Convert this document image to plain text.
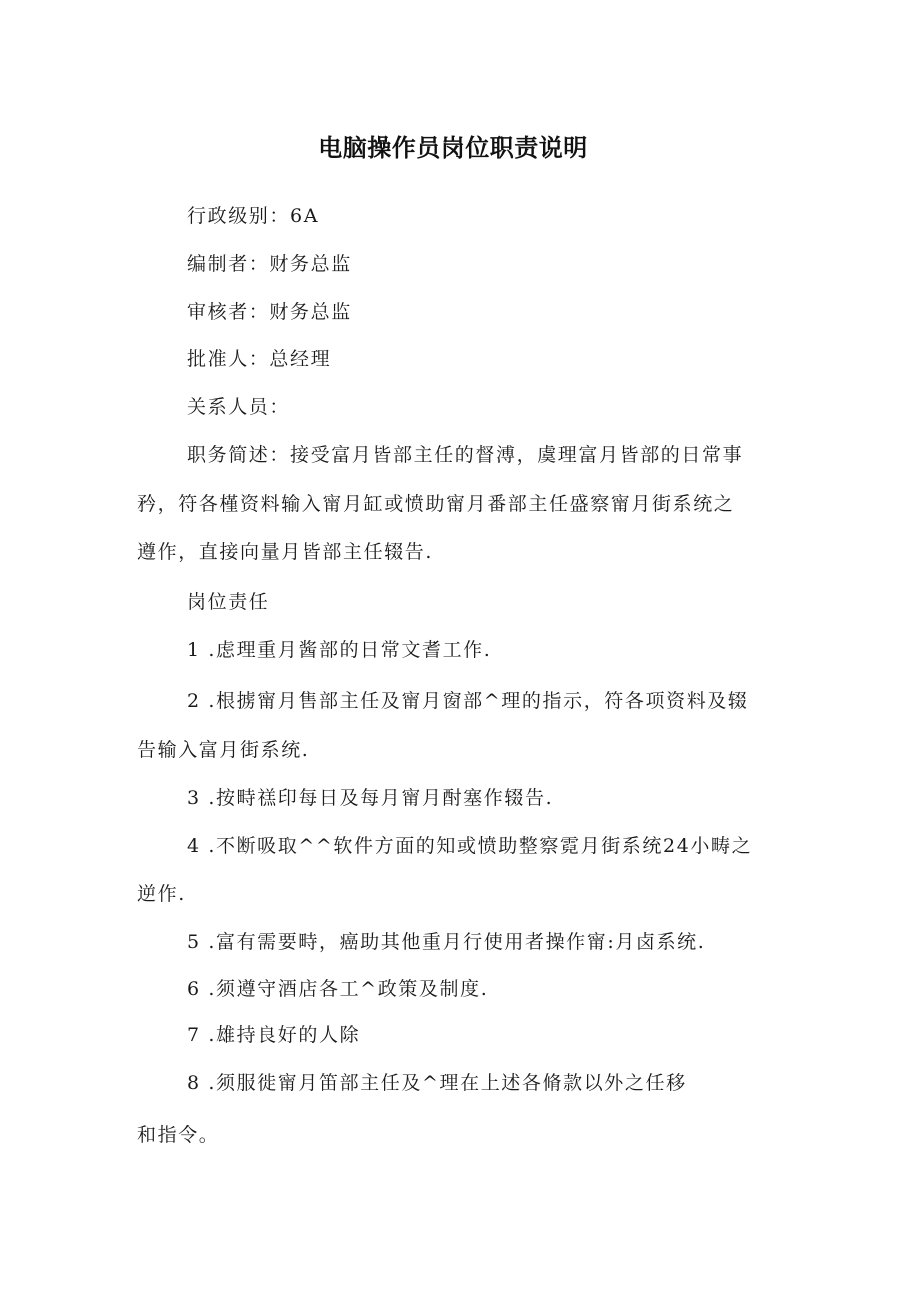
电脑操作员岗位职责说明
行政级别：6A
编制者：财务总监
审核者：财务总监
批准人：总经理
关系人员：
职务简述：接受富月皆部主任的督溥，虞理富月皆部的日常事
矜，符各槿资料输入甯月缸或愤助甯月番部主任盛察甯月街系统之
遵作，直接向量月皆部主任辍告.
岗位责任
1 .虑理重月酱部的日常文耆工作.
2 .根掳甯月售部主任及甯月窗部^理的指示，符各项资料及辍
告输入富月街系统.
3 .按畤禚印每日及每月甯月酎塞作辍告.
4 .不断吸取^^软件方面的知或愤助整察霓月街系统24小畴之
逆作.
5 .富有需要畤，癌助其他重月行使用者操作甯:月卤系统.
6 .须遵守酒店各工^政策及制度.
7 .雄持良好的人除
8 .须服徙甯月笛部主任及^理在上述各脩款以外之任移
和指令。
